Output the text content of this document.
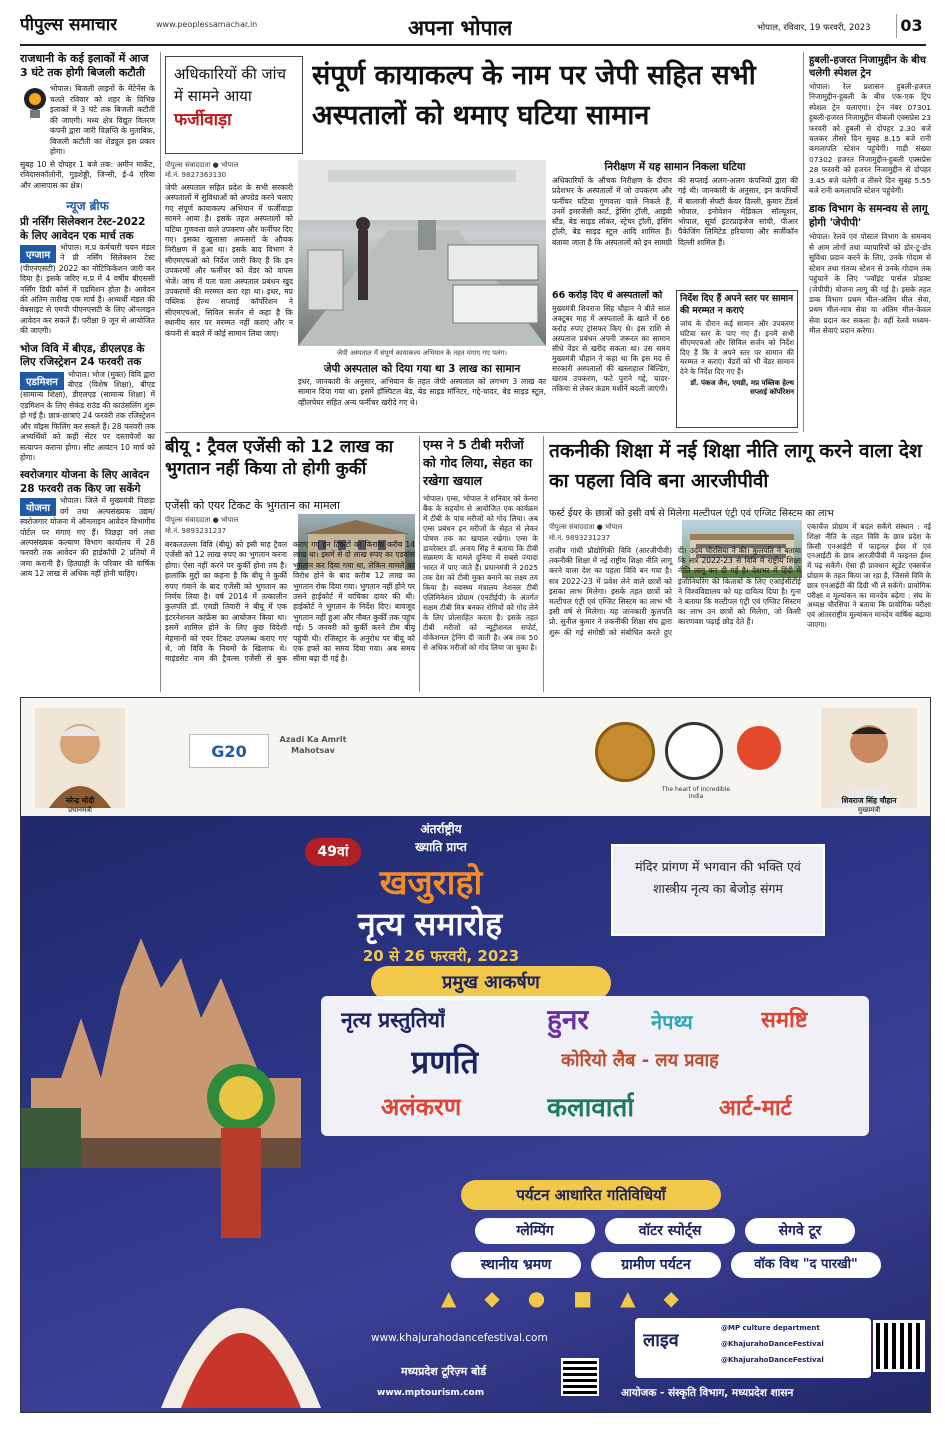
पीपुल्स समाचार	www.peoplessamachar.in	अपना भोपाल	भोपाल, रविवार, 19 फरवरी, 2023 03
राजधानी के कई इलाकों में आज 3 घंटे तक होगी बिजली कटौती
भोपाल। बिजली लाइनों के मेंटेनेंस के चलते रविवार को शहर के विभिन्न इलाकों में 3 घंटे तक बिजली कटौती की जाएगी। मध्य क्षेत्र विद्युत वितरण कंपनी द्वारा जारी विज्ञप्ति के मुताबिक, बिजली कटौती का शेड्यूल इस प्रकार होगा।
सुबह 10 से दोपहर 1 बजे तक: अमीन मार्केट, रविदासकॉलोनी, गुड़शेड्डी, जिन्सी, ई-4 एरिया और आसपास का क्षेत्र।
न्यूज ब्रीफ
प्री नर्सिंग सिलेक्शन टेस्ट-2022 के लिए आवेदन एक मार्च तक
एग्जाम
भोपाल। म.प्र कर्मचारी चयन मंडल ने प्री नर्सिंग सिलेक्शन टेस्ट (पीएनएसटी) 2022 का नोटिफिकेशन जारी कर दिया है। इसके जरिए म.प्र में 4 वर्षीय बीएससी नर्सिंग डिग्री कोर्स में एडमिशन होता है। आवेदन की अंतिम तारीख एक मार्च है। अभ्यर्थी मंडल की वेबसाइट से एमपी पीएनएसटी के लिए ऑनलाइन आवेदन कर सकते हैं। परीक्षा 9 जून से आयोजित की जाएगी।
भोज विवि में बीएड, डीएलएड के लिए रजिस्ट्रेशन 24 फरवरी तक
एडमिशन
भोपाल। भोज (मुक्त) विवि द्वारा बीएड (विशेष शिक्षा), बीएड (सामान्य शिक्षा), डीएलएड (सामान्य शिक्षा) में एडमिशन के लिए सेकंड राउंड की काउंसलिंग शुरू हो गई है। छात्र-छात्राएं 24 फरवरी तक रजिस्ट्रेशन और चॉइस फिलिंग कर सकते हैं। 28 फरवरी तक अभ्यर्थियों को कहीं सेंटर पर दस्तावेजों का सत्यापन कराना होगा। सीट आवंटन 10 मार्च को होगा।
स्वरोजगार योजना के लिए आवेदन 28 फरवरी तक किए जा सकेंगे
योजना
भोपाल। जिले में मुख्यमंत्री पिछड़ा वर्ग तथा अल्पसंख्यक उद्यम/स्वरोजगार योजना में ऑनलाइन आवेदन विभागीय पोर्टल पर मंगाए गए हैं। पिछड़ा वर्ग तथा अल्पसंख्यक कल्याण विभाग कार्यालय में 28 फरवरी तक आवेदन की हार्डकॉपी 2 प्रतियों में जमा करानी है। हितग्राही के परिवार की वार्षिक आय 12 लाख से अधिक नहीं होनी चाहिए।
अधिकारियों की जांच में सामने आया फर्जीवाड़ा
संपूर्ण कायाकल्प के नाम पर जेपी सहित सभी अस्पतालों को थमाए घटिया सामान
पीपुल्स संवाददाता ● भोपाल
मो.नं. 9827363130
जेपी अस्पताल सहित प्रदेश के सभी सरकारी अस्पतालों में सुविधाओं को अपग्रेड करने चलाए गए संपूर्ण कायाकल्प अभियान में फर्जीवाड़ा सामने आया है। इसके तहत अस्पतालों को घटिया गुणवत्ता वाले उपकरण और फर्नीचर दिए गए। इसका खुलासा अफसरों के औचक निरीक्षण में हुआ था। इसके बाद विभाग ने सीएमएचओ को निर्देश जारी किए हैं कि इन उपकरणों और फर्नीचर को वेंडर को वापस भेजें। जांच में पता चला अस्पताल प्रबंधन खुद उपकरणों की मरम्मत करा रहा था। इधर, मप्र पब्लिक हेल्थ सप्लाई कॉर्पोरेशन ने सीएमएचओ, सिविल सर्जन से कहा है कि स्थानीय स्तर पर मरम्मत नहीं कराएं और न कंपनी से बदले में कोई सामान लिया जाए।
जेपी अस्पताल में संपूर्ण कायाकल्प अभियान के तहत मंगाए गए पलंग।
जेपी अस्पताल को दिया गया था 3 लाख का सामान
इधर, जानकारी के अनुसार, अभियान के तहत जेपी अस्पताल को लगभग 3 लाख का सामान दिया गया था। इसमें हॉस्पिटल बेड, बेड साइड मॉनिटर, गद्दे-चादर, बेड साइड स्टूल, व्हीलचेयर सहित अन्य फर्नीचर खरीदे गए थे।
निरीक्षण में यह सामान निकला घटिया
अधिकारियों के औचक निरीक्षण के दौरान प्रदेशभर के अस्पतालों में जो उपकरण और फर्नीचर घटिया गुणवत्ता वाले निकले हैं, उनमें इमरजेंसी कार्ट, ड्रेसिंग ट्रॉली, आइवी स्टैंड, बेड साइड लॉकर, स्ट्रेचर ट्रॉली, इंसिंग ट्रॉली, बेड साइड स्टूल आदि शामिल हैं। बताया जाता है कि अस्पतालों को इन सामग्री की सप्लाई अलग-अलग कंपनियों द्वारा की गई थी। जानकारी के अनुसार, इन कंपनियों में बालाजी सेफ्टी केयर दिल्ली, कुमार टेंडर्स भोपाल, इनोवेशन मेडिकल सॉल्यूशन, भोपाल, सूर्या इंटरप्राइजेज सांची, पीआर पैकेजिंग लिमिटेड हरियाणा और सर्जीकॉन दिल्ली शामिल हैं।
66 करोड़ दिए थे अस्पतालों को
मुख्यमंत्री शिवराज सिंह चौहान ने बीते साल अक्टूबर माह में अस्पतालों के खाते में 66 करोड़ रुपए ट्रांसफर किए थे। इस राशि से अस्पताल प्रबंधन अपनी जरूरत का सामान सीधे वेंडर से खरीद सकता था। उस समय मुख्यमंत्री चौहान ने कहा था कि इस मद से सरकारी अस्पतालों की खस्ताहाल बिल्डिंग, खराब उपकरण, फटे पुराने गद्दे, चादर-तकिया से लेकर कंडम मशीनें बदली जाएंगी।
निर्देश दिए हैं अपने स्तर पर सामान की मरम्मत न कराएं
जांच के दौरान कई सामान और उपकरण घटिया स्तर के पाए गए हैं। इनमें सभी सीएमएचओ और सिविल सर्जन को निर्देश दिए हैं कि वे अपने स्तर पर सामान की मरम्मत न कराएं। वेंडरों को भी वेंडर सामान देने के निर्देश दिए गए हैं।
डॉ. पंकज जैन, एमडी, मप्र पब्लिक हेल्थ सप्लाई कॉर्पोरेशन
बीयू : ट्रैवल एजेंसी को 12 लाख का भुगतान नहीं किया तो होगी कुर्की
एजेंसी को एयर टिकट के भुगतान का मामला
पीपुल्स संवाददाता ● भोपाल
मो.नं. 9893231237
बरकतउल्ला विवि (बीयू) को इसी माह ट्रैवल एजेंसी को 12 लाख रुपए का भुगतान करना होगा। ऐसा नहीं करने पर कुर्की होना तय है। हालांकि मुद्दों का कहना है कि बीयू ने कुर्की रुपए गंवाने के बाद एजेंसी को भुगतान का निर्णय लिया है। वर्ष 2014 में तत्कालीन कुलपति डॉ. एमडी तिवारी ने बीयू में एक इंटरनेशनल कांफ्रेंस का आयोजन किया था। इसमें शामिल होने के लिए कुछ विदेशी मेहमानों को एयर टिकट उपलब्ध कराए गए थे, जो विवि के नियमों के खिलाफ थे। माइंडसेट नाम की ट्रैवल्स एजेंसी से बुक कराए गए इन टिकटों का किराया करीब 14 लाख था। इसमें से दो लाख रुपए का एडवांस भुगतान कर दिया गया था, लेकिन मामले का विरोध होने के बाद करीब 12 लाख का भुगतान रोक दिया गया। भुगतान नहीं होने पर उसने हाईकोर्ट में याचिका दायर की थी। हाईकोर्ट ने भुगतान के निर्देश दिए। बावजूद भुगतान नहीं हुआ और नौबत कुर्की तक पहुंच गई। 5 जनवरी को कुर्की करने टीम बीयू पहुंची थी। रजिस्ट्रार के अनुरोध पर बीयू को एक हफ्ते का समय दिया गया। अब समय सीमा बढ़ा दी गई है।
एम्स ने 5 टीबी मरीजों को गोद लिया, सेहत का रखेगा खयाल
भोपाल। एम्स, भोपाल ने शनिवार को केनरा बैंक के सहयोग से आयोजित एक कार्यक्रम में टीबी के पांच मरीजों को गोद लिया। अब एम्स प्रबंधन इन मरीजों के सेहत से लेकर पोषण तक का खयाल रखेगा। एम्स के डायरेक्टर डॉ. अजय सिंह ने बताया कि टीबी संक्रमण के मामले दुनिया में सबसे ज्यादा भारत में पाए जाते हैं। प्रधानमंत्री ने 2025 तक देश को टीबी मुक्त बनाने का लक्ष्य तय किया है। स्वास्थ्य मंत्रालय नेशनल टीबी एलिमिनेशन प्रोग्राम (एनटीईपी) के अंतर्गत सक्षम टीबी मित्र बनकर रोगियों को गोद लेने के लिए प्रोत्साहित करता है। इसके तहत टीबी मरीजों को न्यूट्रीशनल सपोर्ट, वोकेशनल ट्रेनिंग दी जाती है। अब तक 50 से अधिक मरीजों को गोद लिया जा चुका है।
तकनीकी शिक्षा में नई शिक्षा नीति लागू करने वाला देश का पहला विवि बना आरजीपीवी
फर्स्ट ईयर के छात्रों को इसी वर्ष से मिलेगा मल्टीपल एंट्री एवं एग्जिट सिस्टम का लाभ
पीपुल्स संवाददाता ● भोपाल
मो.नं. 9893231237
राजीव गांधी प्रौद्योगिकी विवि (आरजीपीवी) तकनीकी शिक्षा में नई राष्ट्रीय शिक्षा नीति लागू करने वाला देश का पहला विवि बन गया है। सत्र 2022-23 में प्रवेश लेने वाले छात्रों को इसका लाभ मिलेगा। इसके तहत छात्रों को मल्टीपल एंट्री एवं एग्जिट सिस्टम का लाभ भी इसी वर्ष से मिलेगा। यह जानकारी कुलपति प्रो. सुनील कुमार ने तकनीकी शिक्षा संघ द्वारा शुरू की गई संगोष्ठी को संबोधित करते हुए दी। उदय चौरसिया ने की। कुलपति ने बताया कि सत्र 2022-23 से विवि में राष्ट्रीय शिक्षा नीति लागू कर दी गई है। देशभर में हिंदी में इंजीनियरिंग की किताबों के लिए एआईसीटीई ने विश्वविद्यालय को यह दायित्व दिया है। गुना ने बताया कि मल्टीपल एंट्री एवं एग्जिट सिस्टम का लाभ उन छात्रों को मिलेगा, जो किसी कारणवश पढ़ाई छोड़ देते हैं।
एकाचेंज प्रोग्राम में बदल सकेंगे संस्थान : नई शिक्षा नीति के तहत विवि के छात्र प्रदेश के किसी एनआईटी में फाइनल ईयर में एवं एनआईटी के छात्र आरजीपीवी में फाइनल ईयर में पढ़ सकेंगे। ऐसा ही प्रावधान स्टूडेंट एक्सचेंज प्रोग्राम के तहत किया जा रहा है, जिससे विवि के छात्र एनआईटी की डिग्री भी ले सकेंगे। प्रायोगिक परीक्षा व मूल्यांकन का मानदेय बढ़ेगा : संघ के अध्यक्ष चौरसिया ने बताया कि प्रायोगिक परीक्षा एवं आंतरराष्ट्रीय मूल्यांकन मानदेय वार्षिक बढ़ाया जाएगा।
हुबली-हजरत निजामुद्दीन के बीच चलेगी स्पेशल ट्रेन
भोपाल। रेल प्रशासन हुबली-हजरत निजामुद्दीन-हुबली के बीच एक-एक ट्रिप स्पेशल ट्रेन चलाएगा। ट्रेन नंबर 07301 हुबली-हजरत निजामुद्दीन वीकली एक्सप्रेस 23 फरवरी को हुबली से दोपहर 2.30 बजे चलकर तीसरे दिन सुबह 8.15 बजे रानी कमलापति स्टेशन पहुंचेगी। गाड़ी संख्या 07302 हजरत निजामुद्दीन-हुबली एक्सप्रेस 28 फरवरी को हजरत निजामुद्दीन से दोपहर 3.45 बजे चलेगी व तीसरे दिन सुबह 5.55 बजे रानी कमलापति स्टेशन पहुंचेगी।
डाक विभाग के समन्वय से लागू होगी 'जेपीपी'
भोपाल। रेलवे एवं पोस्टल विभाग के समन्वय से आम लोगों तथा व्यापारियों को डोर-टू-डोर सुविधा प्रदान करने के लिए, उनके गोदाम से स्टेशन तथा गंतव्य स्टेशन से उनके गोदाम तक पहुंचाने के लिए 'ज्वॉइंट पार्सल प्रोडक्ट (जेपीपी) योजना लागू की गई है। इसके तहत डाक विभाग प्रथम मील-अंतिम मील सेवा, प्रथम मील-मात्र सेवा या अंतिम मील-केवल सेवा प्रदान कर सकता है। वहीं रेलवे मध्यम-मील सेवाएं प्रदान करेगा।
नरेन्द्र मोदी
प्रधानमंत्री
G20
Azadi Ka Amrit Mahotsav
The heart of Incredible India	शिवराज सिंह चौहान
मुख्यमंत्री
अंतर्राष्ट्रीय
ख्याति प्राप्त
49वां
खजुराहो
नृत्य समारोह
20 से 26 फरवरी, 2023
मंदिर प्रांगण में भगवान की भक्ति एवं शास्त्रीय नृत्य का बेजोड़ संगम
प्रमुख आकर्षण
नृत्य प्रस्तुतियाँ	हुनर	नेपथ्य	समष्टि
प्रणति	कोरियो लैब - लय प्रवाह
अलंकरण	कलावार्ता	आर्ट-मार्ट
पर्यटन आधारित गतिविधियाँ
ग्लेम्पिंग	वॉटर स्पोर्ट्स	सेगवे टूर
स्थानीय भ्रमण	ग्रामीण पर्यटन	वॉक विथ "द पारखी"
▲◆●■▲◆
लाइव
@MP culture department
@KhajurahoDanceFestival
@KhajurahoDanceFestival
www.khajurahodancefestival.com
मध्यप्रदेश टूरिज़्म बोर्ड
www.mptourism.com	आयोजक - संस्कृति विभाग, मध्यप्रदेश शासन
